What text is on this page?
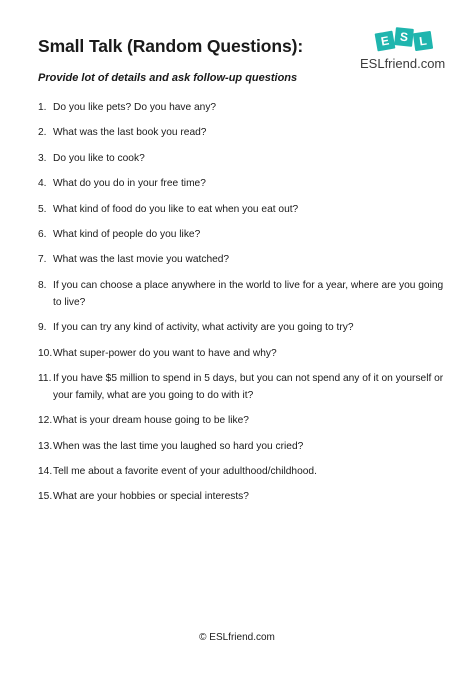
Small Talk (Random Questions):
Provide lot of details and ask follow-up questions
E S L
ESLfriend.com
1. Do you like pets? Do you have any?
2. What was the last book you read?
3. Do you like to cook?
4. What do you do in your free time?
5. What kind of food do you like to eat when you eat out?
6. What kind of people do you like?
7. What was the last movie you watched?
8. If you can choose a place anywhere in the world to live for a year, where are you going to live?
9. If you can try any kind of activity, what activity are you going to try?
10. What super-power do you want to have and why?
11. If you have $5 million to spend in 5 days, but you can not spend any of it on yourself or your family, what are you going to do with it?
12. What is your dream house going to be like?
13. When was the last time you laughed so hard you cried?
14. Tell me about a favorite event of your adulthood/childhood.
15. What are your hobbies or special interests?
© ESLfriend.com
